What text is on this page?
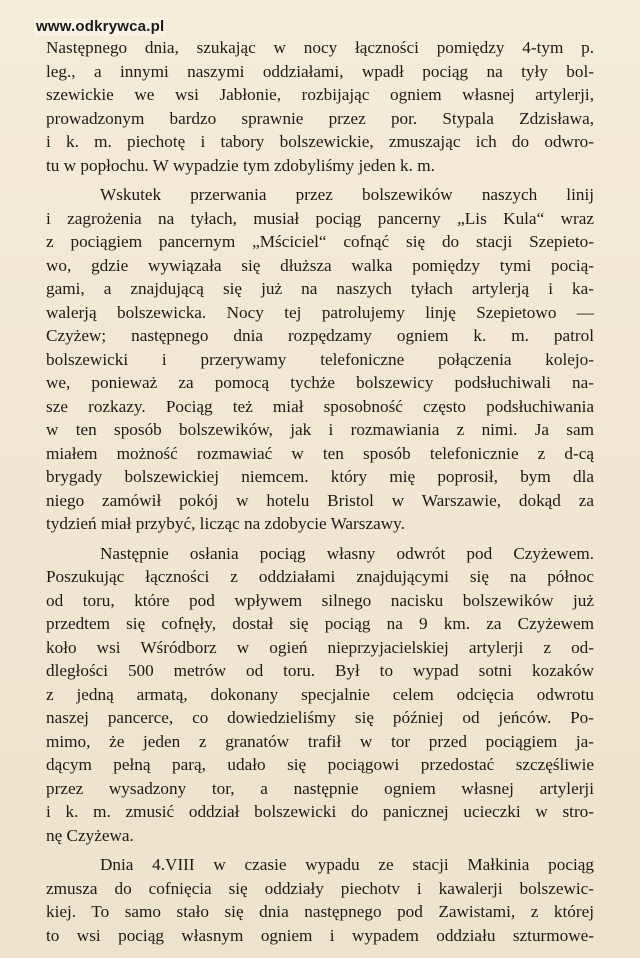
www.odkrywca.pl
Następnego dnia, szukając w nocy łączności pomiędzy 4-tym p.
leg., a innymi naszymi oddziałami, wpadł pociąg na tyły bol-
szewickie we wsi Jabłonie, rozbijając ogniem własnej artylerji,
prowadzonym bardzo sprawnie przez por. Stypala Zdzisława,
i k. m. piechotę i tabory bolszewickie, zmuszając ich do odwro-
tu w popłochu. W wypadzie tym zdobyliśmy jeden k. m.
Wskutek przerwania przez bolszewików naszych linij
i zagrożenia na tyłach, musiał pociąg pancerny „Lis Kula“ wraz
z pociągiem pancernym „Mściciel“ cofnąć się do stacji Szepieto-
wo, gdzie wywiązała się dłuższa walka pomiędzy tymi pocią-
gami, a znajdującą się już na naszych tyłach artylerją i ka-
walerją bolszewicka. Nocy tej patrolujemy linję Szepietowo —
Czyżew; następnego dnia rozpędzamy ogniem k. m. patrol
bolszewicki i przerywamy telefoniczne połączenia kolejo-
we, ponieważ za pomocą tychże bolszewicy podsłuchiwali na-
sze rozkazy. Pociąg też miał sposobność często podsłuchiwania
w ten sposób bolszewików, jak i rozmawiania z nimi. Ja sam
miałem możność rozmawiać w ten sposób telefonicznie z d-cą
brygady bolszewickiej niemcem. który mię poprosił, bym dla
niego zamówił pokój w hotelu Bristol w Warszawie, dokąd za
tydzień miał przybyć, licząc na zdobycie Warszawy.
Następnie osłania pociąg własny odwrót pod Czyżewem.
Poszukując łączności z oddziałami znajdującymi się na północ
od toru, które pod wpływem silnego nacisku bolszewików już
przedtem się cofnęły, dostał się pociąg na 9 km. za Czyżewem
koło wsi Wśródborz w ogień nieprzyjacielskiej artylerji z od-
dległości 500 metrów od toru. Był to wypad sotni kozaków
z jedną armatą, dokonany specjalnie celem odcięcia odwrotu
naszej pancerce, co dowiedzieliśmy się później od jeńców. Po-
mimo, że jeden z granatów trafił w tor przed pociągiem ja-
dącym pełną parą, udało się pociągowi przedostać szczęśliwie
przez wysadzony tor, a następnie ogniem własnej artylerji
i k. m. zmusić oddział bolszewicki do panicznej ucieczki w stro-
nę Czyżewa.
Dnia 4.VIII w czasie wypadu ze stacji Małkinia pociąg
zmusza do cofnięcia się oddziały piechotv i kawalerji bolszewic-
kiej. To samo stało się dnia następnego pod Zawistami, z której
to wsi pociąg własnym ogniem i wypadem oddziału szturmowe-
